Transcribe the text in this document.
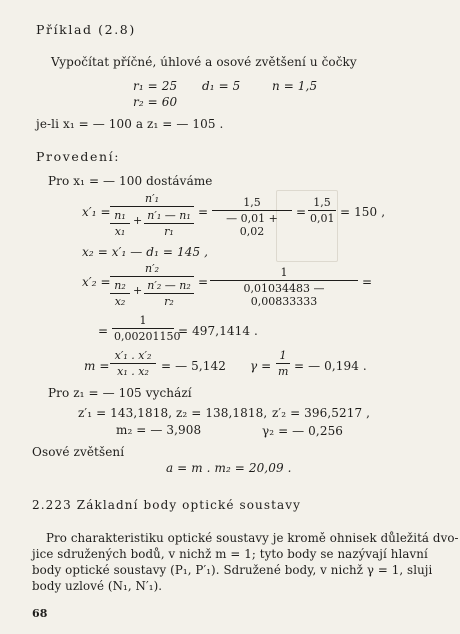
Příklad (2.8)
Vypočítat příčné, úhlové a osové zvětšení u čočky
r₁ = 25
r₂ = 60
d₁ = 5	n = 1,5
je-li x₁ = — 100 a z₁ = — 105 .
Provedení:
Pro x₁ = — 100 dostáváme
x′₁ =
n′₁
n₁
x₁
+ n′₁ — n₁
r₁
=
1,5
— 0,01 + 0,02
=
1,5
0,01 = 150 ,
x₂ = x′₁ — d₁ = 145 ,
x′₂ =
n′₂
n₂
x₂
+ n′₂ — n₂
r₂
=
1
0,01034483 — 0,00833333
=
=
1
0,00201150
= 497,1414 .
m =
x′₁ . x′₂
x₁ . x₂	= — 5,142 γ =
1
m = — 0,194 .
Pro z₁ = — 105 vychází
z′₁ = 143,1818, z₂ = 138,1818, z′₂ = 396,5217 ,
m₂ = — 3,908	γ₂ = — 0,256
Osové zvětšení
a = m . m₂ = 20,09 .
2.223 Základní body optické soustavy
Pro charakteristiku optické soustavy je kromě ohnisek důležitá dvo-
jice sdružených bodů, v nichž m = 1; tyto body se nazývají hlavní
body optické soustavy (P₁, P′₁). Sdružené body, v nichž γ = 1, sluji
body uzlové (N₁, N′₁).
68
